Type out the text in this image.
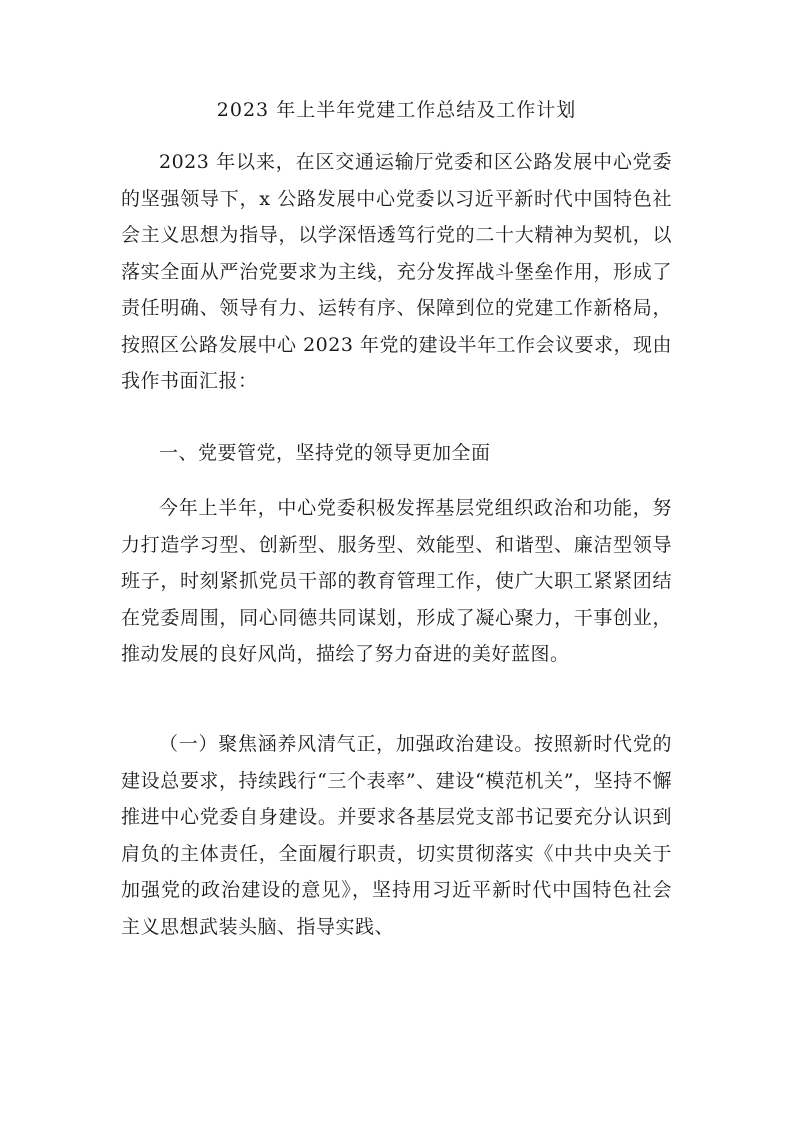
2023 年上半年党建工作总结及工作计划

2023 年以来，在区交通运输厅党委和区公路发展中心党委的坚强领导下，x 公路发展中心党委以习近平新时代中国特色社会主义思想为指导，以学深悟透笃行党的二十大精神为契机，以落实全面从严治党要求为主线，充分发挥战斗堡垒作用，形成了责任明确、领导有力、运转有序、保障到位的党建工作新格局，按照区公路发展中心 2023 年党的建设半年工作会议要求，现由我作书面汇报：

一、党要管党，坚持党的领导更加全面

今年上半年，中心党委积极发挥基层党组织政治和功能，努力打造学习型、创新型、服务型、效能型、和谐型、廉洁型领导班子，时刻紧抓党员干部的教育管理工作，使广大职工紧紧团结在党委周围，同心同德共同谋划，形成了凝心聚力，干事创业，推动发展的良好风尚，描绘了努力奋进的美好蓝图。

（一）聚焦涵养风清气正，加强政治建设。按照新时代党的建设总要求，持续践行“三个表率”、建设“模范机关”，坚持不懈推进中心党委自身建设。并要求各基层党支部书记要充分认识到肩负的主体责任，全面履行职责，切实贯彻落实《中共中央关于加强党的政治建设的意见》，坚持用习近平新时代中国特色社会主义思想武装头脑、指导实践、
